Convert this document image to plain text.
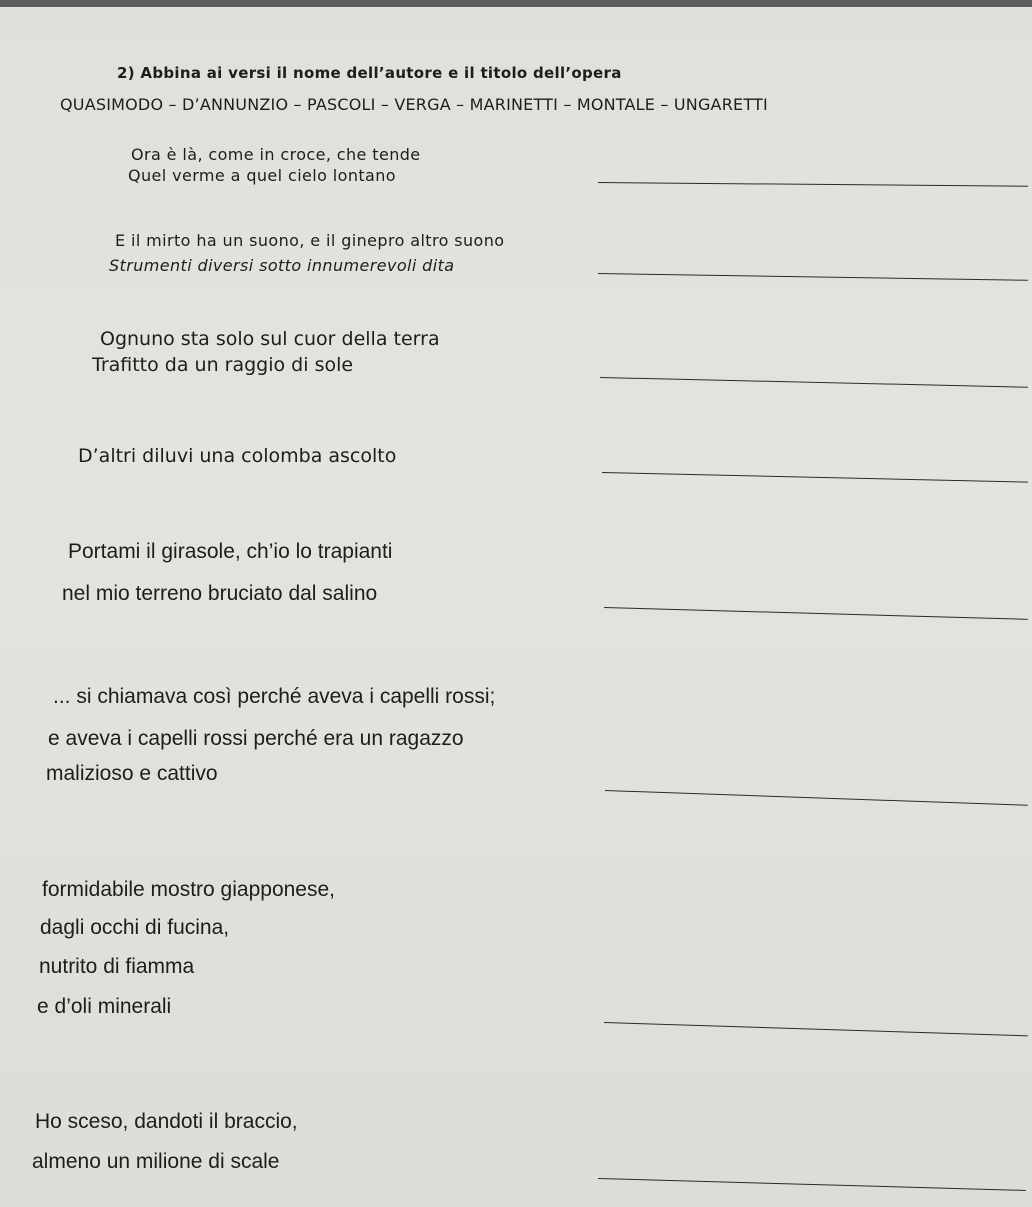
2) Abbina ai versi il nome dell’autore e il titolo dell’opera
QUASIMODO – D’ANNUNZIO – PASCOLI – VERGA – MARINETTI – MONTALE – UNGARETTI
Ora è là, come in croce, che tende
Quel verme a quel cielo lontano
E il mirto ha un suono, e il ginepro altro suono
Strumenti diversi sotto innumerevoli dita
Ognuno sta solo sul cuor della terra
Trafitto da un raggio di sole
D’altri diluvi una colomba ascolto
Portami il girasole, ch’io lo trapianti
nel mio terreno bruciato dal salino
... si chiamava così perché aveva i capelli rossi;
e aveva i capelli rossi perché era un ragazzo
malizioso e cattivo
formidabile mostro giapponese,
dagli occhi di fucina,
nutrito di fiamma
e d’oli minerali
Ho sceso, dandoti il braccio,
almeno un milione di scale
